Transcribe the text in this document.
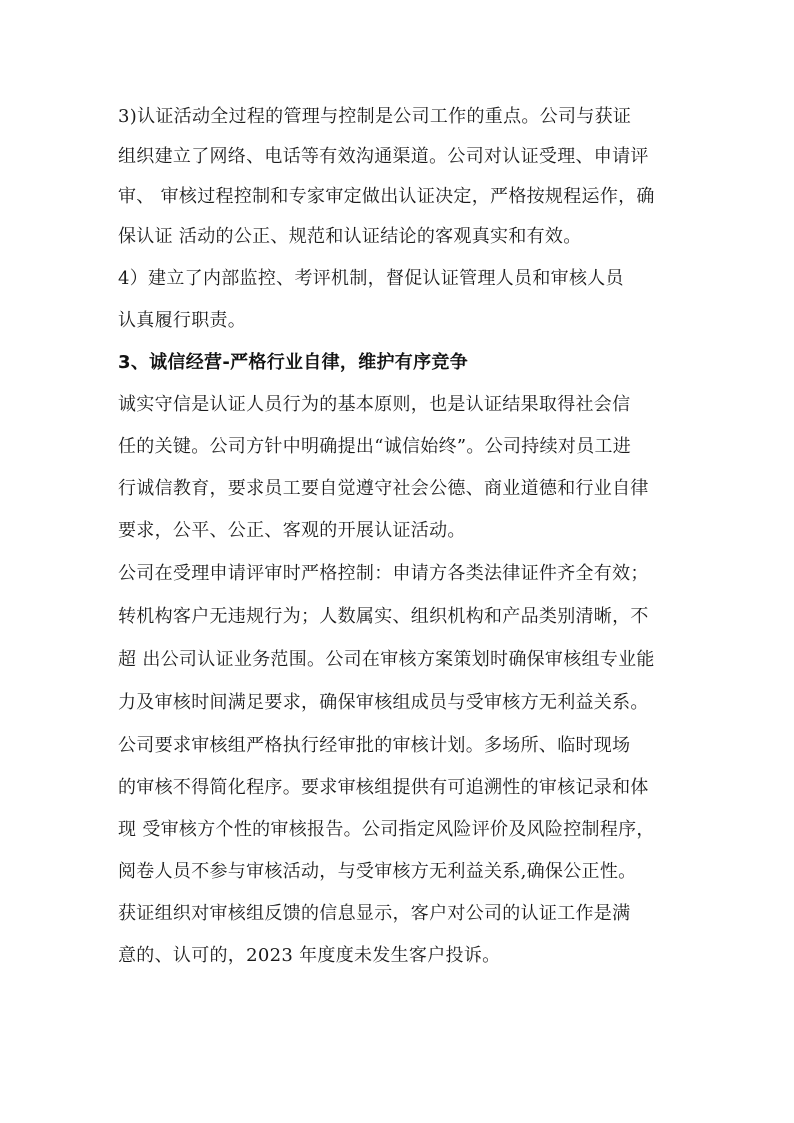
3)认证活动全过程的管理与控制是公司工作的重点。公司与获证
组织建立了网络、电话等有效沟通渠道。公司对认证受理、申请评
审、 审核过程控制和专家审定做出认证决定，严格按规程运作，确
保认证 活动的公正、规范和认证结论的客观真实和有效。
4）建立了内部监控、考评机制，督促认证管理人员和审核人员
认真履行职责。
3、诚信经营-严格行业自律，维护有序竞争
诚实守信是认证人员行为的基本原则，也是认证结果取得社会信
任的关键。公司方针中明确提出“诚信始终”。公司持续对员工进
行诚信教育，要求员工要自觉遵守社会公德、商业道德和行业自律
要求，公平、公正、客观的开展认证活动。
公司在受理申请评审时严格控制：申请方各类法律证件齐全有效；
转机构客户无违规行为；人数属实、组织机构和产品类别清晰，不
超 出公司认证业务范围。公司在审核方案策划时确保审核组专业能
力及审核时间满足要求，确保审核组成员与受审核方无利益关系。
公司要求审核组严格执行经审批的审核计划。多场所、临时现场
的审核不得简化程序。要求审核组提供有可追溯性的审核记录和体
现 受审核方个性的审核报告。公司指定风险评价及风险控制程序，
阅卷人员不参与审核活动，与受审核方无利益关系,确保公正性。
获证组织对审核组反馈的信息显示，客户对公司的认证工作是满
意的、认可的，2023 年度度未发生客户投诉。
